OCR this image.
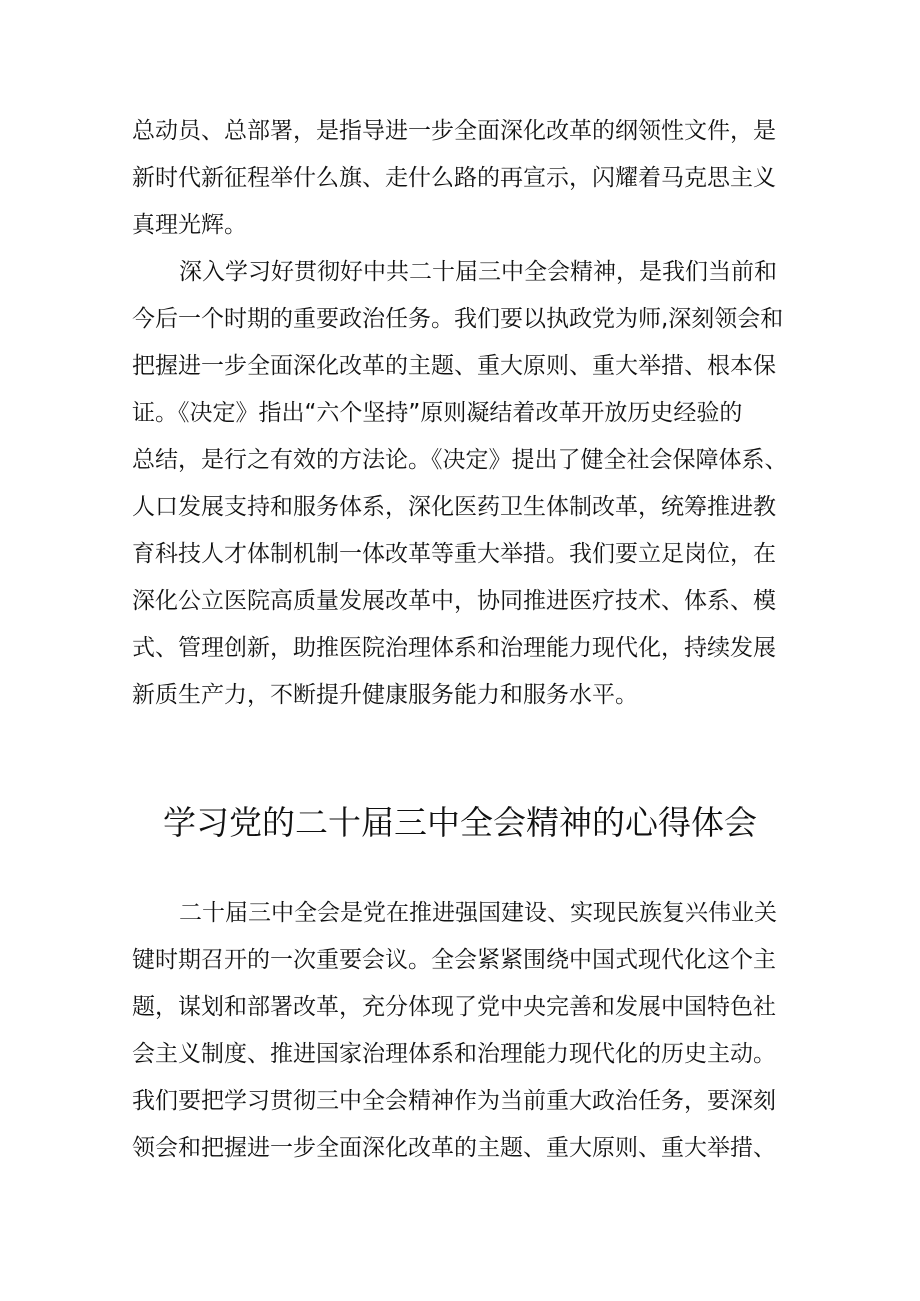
总动员、总部署，是指导进一步全面深化改革的纲领性文件，是
新时代新征程举什么旗、走什么路的再宣示，闪耀着马克思主义
真理光辉。

深入学习好贯彻好中共二十届三中全会精神，是我们当前和
今后一个时期的重要政治任务。我们要以执政党为师,深刻领会和
把握进一步全面深化改革的主题、重大原则、重大举措、根本保
证。《决定》指出“六个坚持”原则凝结着改革开放历史经验的
总结，是行之有效的方法论。《决定》提出了健全社会保障体系、
人口发展支持和服务体系，深化医药卫生体制改革，统筹推进教
育科技人才体制机制一体改革等重大举措。我们要立足岗位，在
深化公立医院高质量发展改革中，协同推进医疗技术、体系、模
式、管理创新，助推医院治理体系和治理能力现代化，持续发展
新质生产力，不断提升健康服务能力和服务水平。

学习党的二十届三中全会精神的心得体会

二十届三中全会是党在推进强国建设、实现民族复兴伟业关
键时期召开的一次重要会议。全会紧紧围绕中国式现代化这个主
题，谋划和部署改革，充分体现了党中央完善和发展中国特色社
会主义制度、推进国家治理体系和治理能力现代化的历史主动。
我们要把学习贯彻三中全会精神作为当前重大政治任务，要深刻
领会和把握进一步全面深化改革的主题、重大原则、重大举措、
